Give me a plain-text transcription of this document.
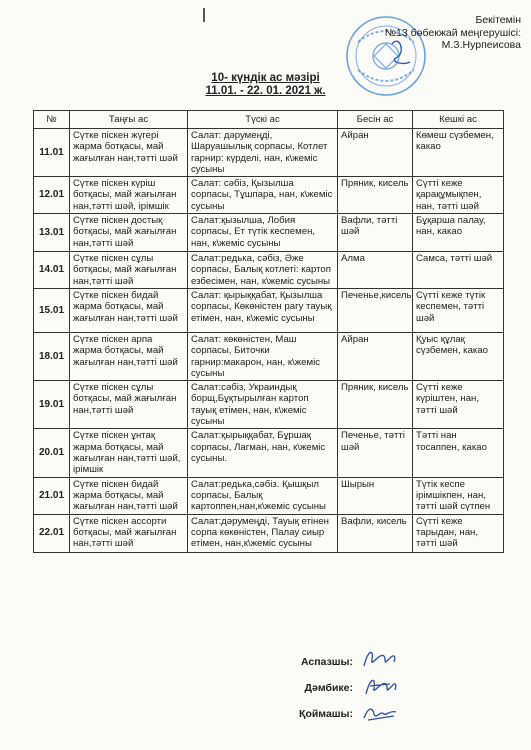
Бекітемін
№13 бөбекжай меңгерушісі:
М.З.Нурпеисова
10- күндік ас мәзірі
11.01. - 22. 01. 2021 ж.
№	Таңғы ас	Түскі ас	Бесін ас	Кешкі ас
11.01	Сүтке піскен жүгері жарма ботқасы, май жағылған нан,тәтті шәй	Салат: дәрумеңді, Шаруашылық сорпасы, Котлет гарнир: күрделі, нан, к\жеміс сусыны	Айран	Көмеш сүзбемен, какао
12.01	Сүтке піскен күріш ботқасы, май жағылған нан,тәтті шәй, ірімшік	Салат: сәбіз, Қызылша сорпасы, Тұшпара, нан, к\жеміс сусыны	Пряник, кисель	Сүтті кеже қарақұмықпен, нан, тәтті шәй
13.01	Сүтке піскен достық ботқасы, май жағылған нан,тәтті шәй	Салат:қызылша, Лобия сорпасы, Ет түтік кеспемен, нан, к\жеміс сусыны	Вафли, тәтті шәй	Бұқарша палау, нан, какао
14.01	Сүтке піскен сұлы ботқасы, май жағылған нан,тәтті шәй	Салат:редька, сәбіз, Әже сорпасы, Балық котлеті: картоп езбесімен, нан, к\жеміс сусыны	Алма	Самса, тәтті шәй
15.01	Сүтке піскен бидай жарма ботқасы, май жағылған нан,тәтті шәй	Салат: қырыққабат, Қызылша сорпасы, Көкөністен рагу тауық етімен, нан, к\жеміс сусыны	Печенье,кисель	Сүтті кеже түтік кеспемен, тәтті шәй
18.01	Сүтке піскен арпа жарма ботқасы, май жағылған нан,тәтті шәй	Салат: көкөністен, Маш сорпасы, Биточки гарнир:макарон, нан, к\жеміс сусыны	Айран	Қуыс құлақ сүзбемен, какао
19.01	Сүтке піскен сұлы ботқасы, май жағылған нан,тәтті шәй	Салат:сәбіз, Украиндық борщ,Бұқтырылған картоп тауық етімен, нан, к\жеміс сусыны	Пряник, кисель	Сүтті кеже күріштен, нан, тәтті шәй
20.01	Сүтке піскен ұнтақ жарма ботқасы, май жағылған нан,тәтті шәй, ірімшік	Салат:қырыққабат, Бұршақ сорпасы, Лагман, нан, к\жеміс сусыны.	Печенье, тәтті шәй	Тәтті нан тосаппен, какао
21.01	Сүтке піскен бидай жарма ботқасы, май жағылған нан,тәтті шәй	Салат:редька,сәбіз. Қышқыл сорпасы, Балық картоппен,нан,к\жеміс сусыны	Шырын	Түтік кеспе ірімшікпен, нан, тәтті шәй сүтпен
22.01	Сүтке піскен ассорти ботқасы, май жағылған нан,тәтті шәй	Салат:дәрумеңді, Тауық етінен сорпа көкөністен, Палау сиыр етімен, нан,к\жеміс сусыны	Вафли, кисель	Сүтті кеже тарыдан, нан, тәтті шәй
Аспазшы:
Дәмбике:
Қоймашы:
